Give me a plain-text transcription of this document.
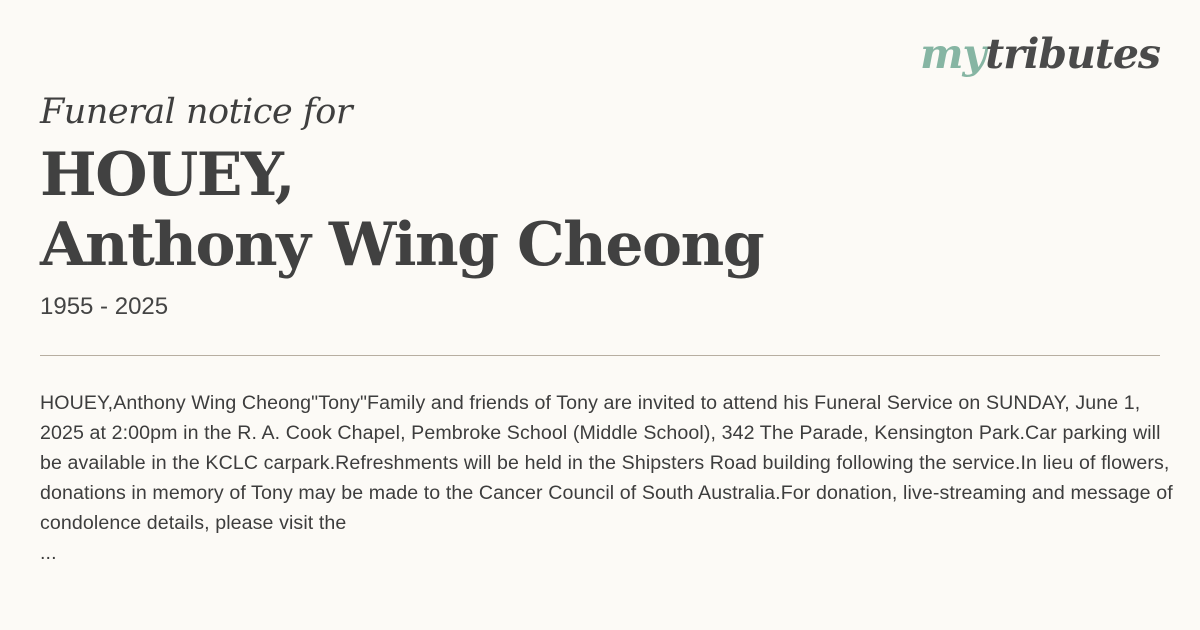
mytributes

Funeral notice for

HOUEY,
Anthony Wing Cheong
1955 - 2025

HOUEY,Anthony Wing Cheong"Tony"Family and friends of Tony are invited to attend his Funeral Service on SUNDAY, June 1, 2025 at 2:00pm in the R. A. Cook Chapel, Pembroke School (Middle School), 342 The Parade, Kensington Park.Car parking will be available in the KCLC carpark.Refreshments will be held in the Shipsters Road building following the service.In lieu of flowers, donations in memory of Tony may be made to the Cancer Council of South Australia.For donation, live-streaming and message of condolence details, please visit the

...
